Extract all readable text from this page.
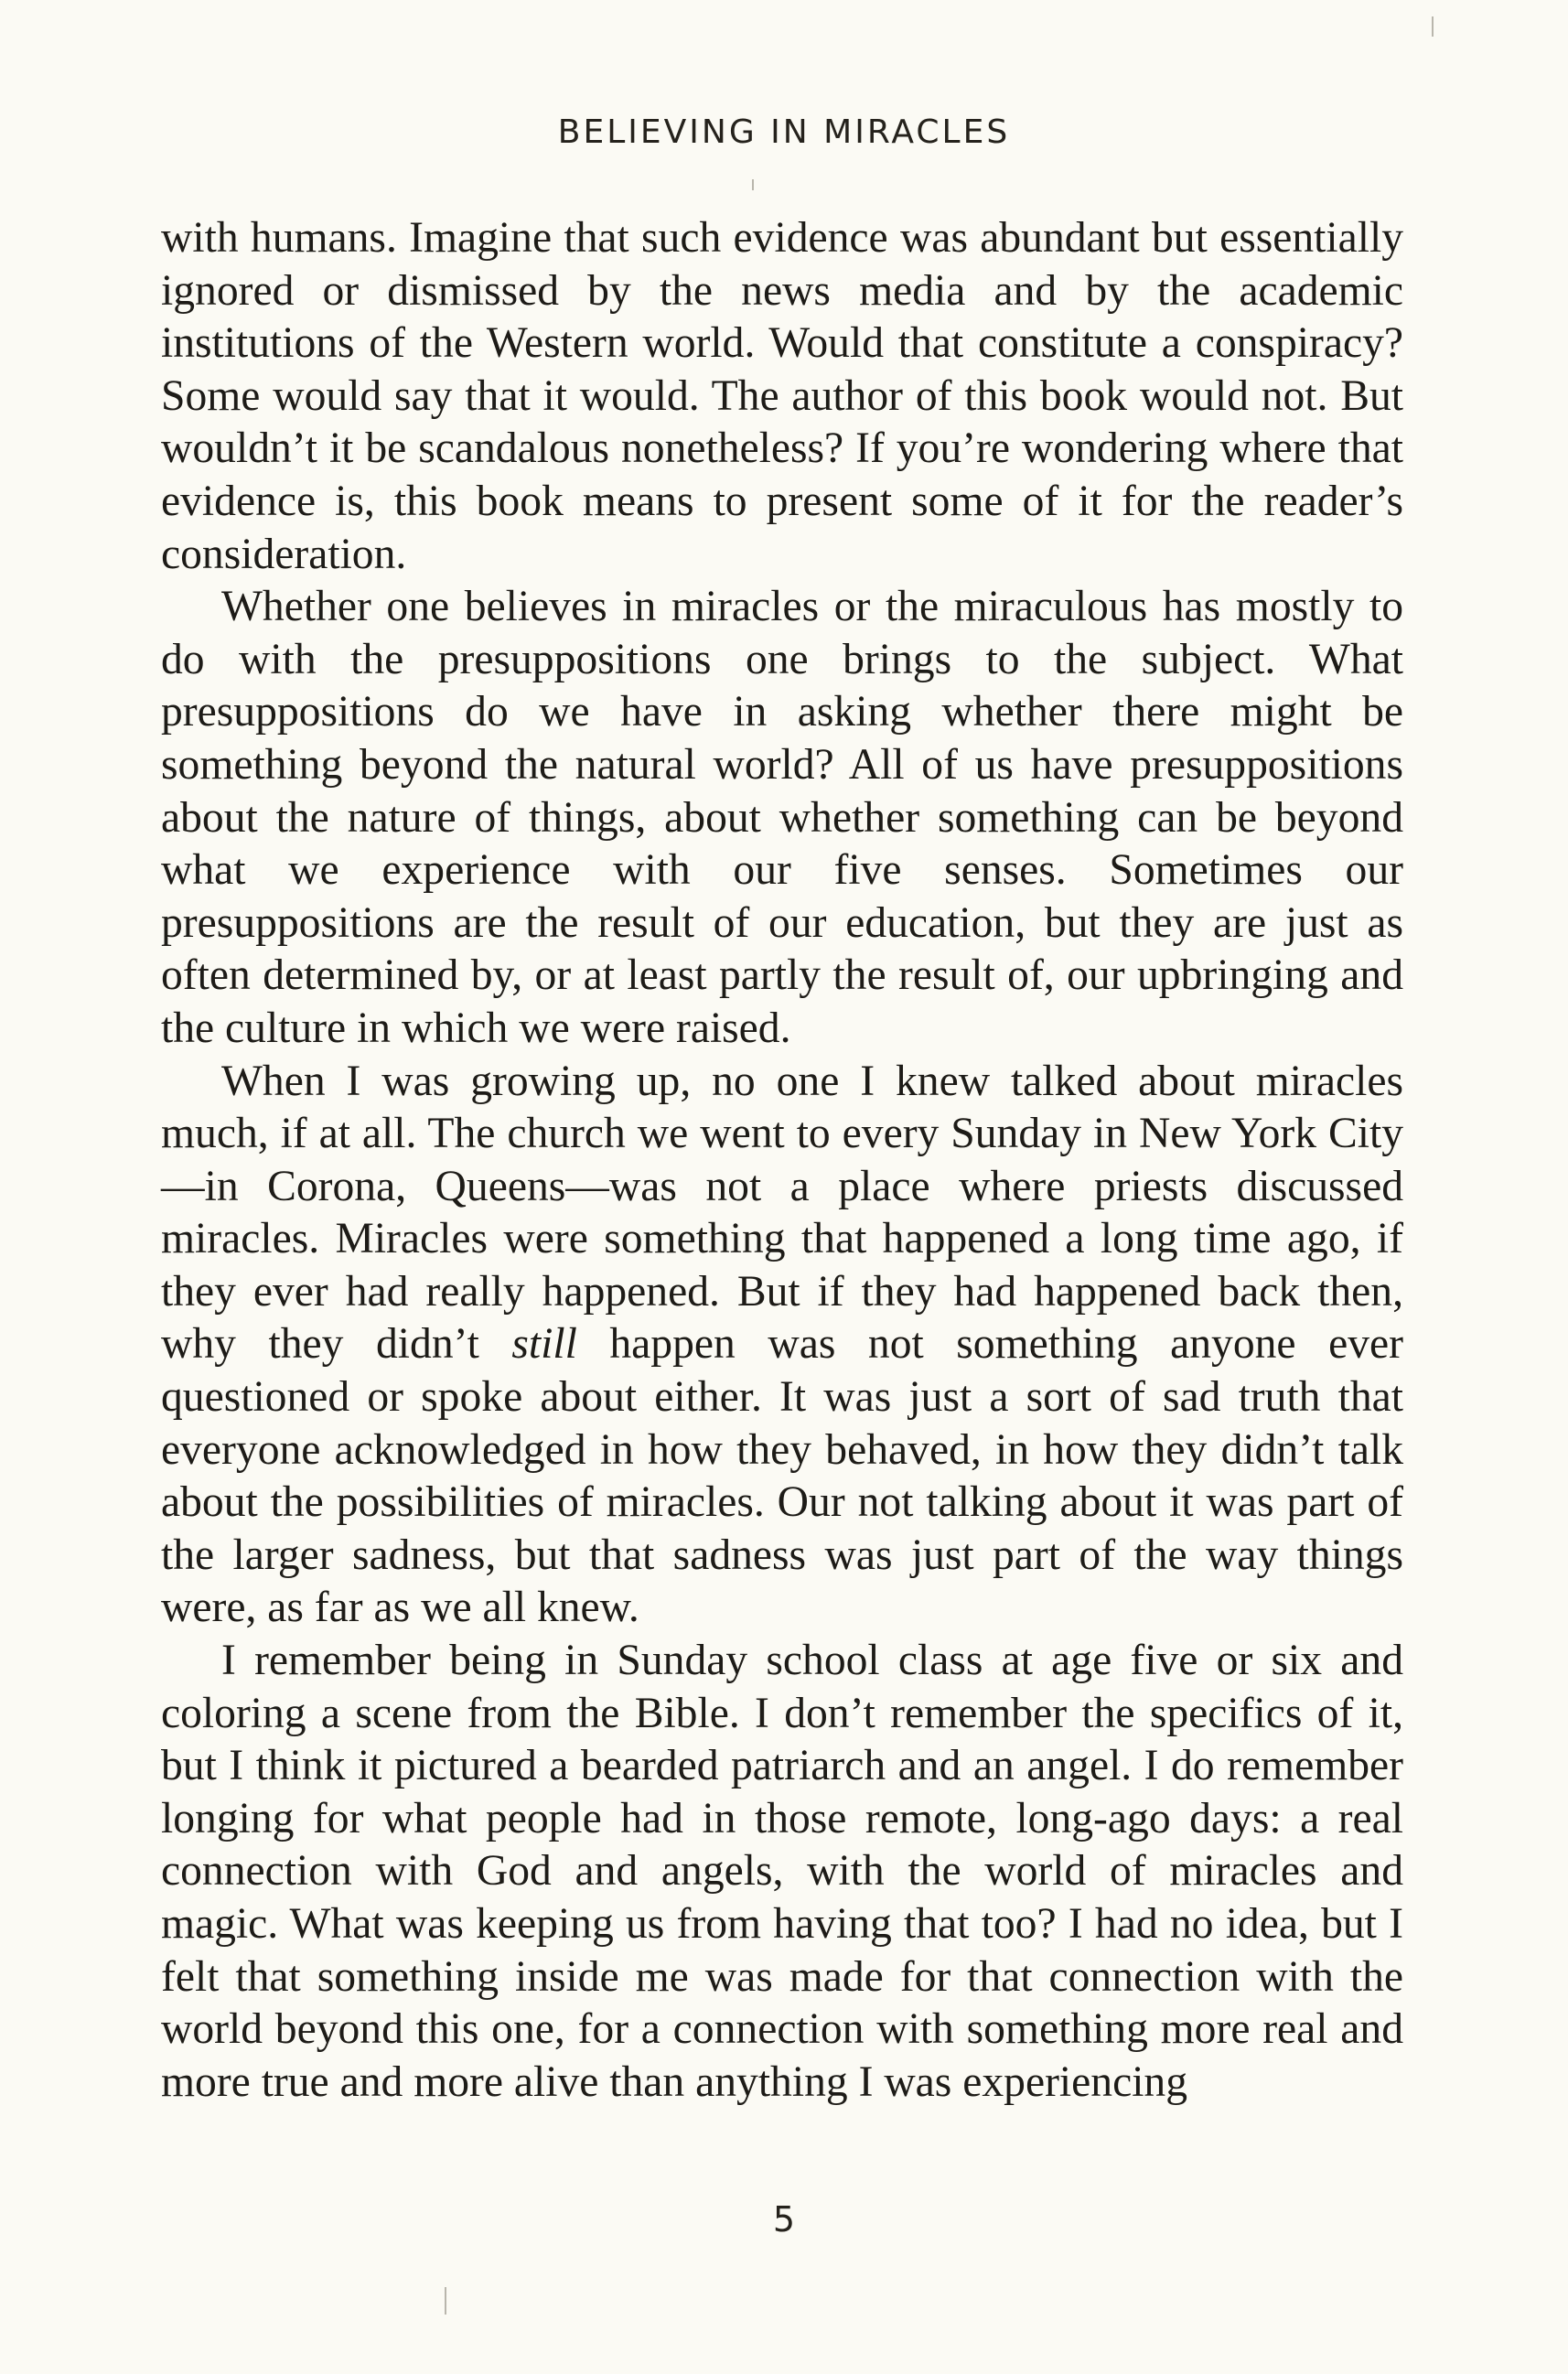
BELIEVING IN MIRACLES

with humans. Imagine that such evidence was abundant but essentially ignored or dismissed by the news media and by the academic institutions of the Western world. Would that constitute a conspiracy? Some would say that it would. The author of this book would not. But wouldn’t it be scandalous nonetheless? If you’re wondering where that evidence is, this book means to present some of it for the reader’s consideration.

Whether one believes in miracles or the miraculous has mostly to do with the presuppositions one brings to the subject. What presuppositions do we have in asking whether there might be something beyond the natural world? All of us have presuppositions about the nature of things, about whether something can be beyond what we experience with our five senses. Sometimes our presuppositions are the result of our education, but they are just as often determined by, or at least partly the result of, our upbringing and the culture in which we were raised.

When I was growing up, no one I knew talked about miracles much, if at all. The church we went to every Sunday in New York City—in Corona, Queens—was not a place where priests discussed miracles. Miracles were something that happened a long time ago, if they ever had really happened. But if they had happened back then, why they didn’t still happen was not something anyone ever questioned or spoke about either. It was just a sort of sad truth that everyone acknowledged in how they behaved, in how they didn’t talk about the possibilities of miracles. Our not talking about it was part of the larger sadness, but that sadness was just part of the way things were, as far as we all knew.

I remember being in Sunday school class at age five or six and coloring a scene from the Bible. I don’t remember the specifics of it, but I think it pictured a bearded patriarch and an angel. I do remember longing for what people had in those remote, long-ago days: a real connection with God and angels, with the world of miracles and magic. What was keeping us from having that too? I had no idea, but I felt that something inside me was made for that connection with the world beyond this one, for a connection with something more real and more true and more alive than anything I was experiencing

5
